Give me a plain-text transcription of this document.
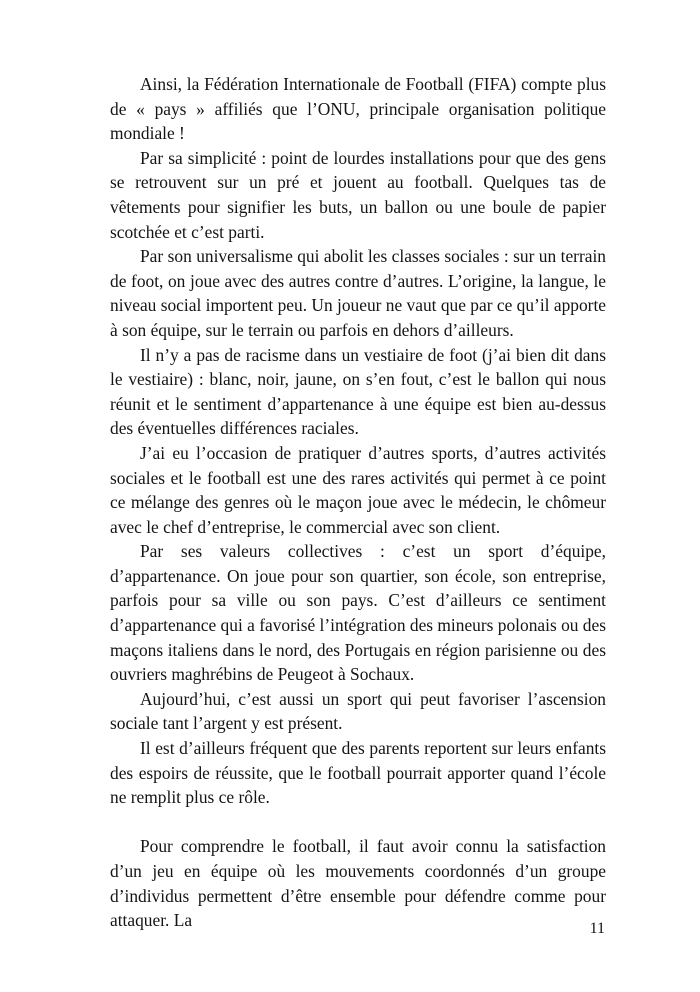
Ainsi, la Fédération Internationale de Football (FIFA) compte plus de « pays » affiliés que l’ONU, principale organisation politique mondiale !

Par sa simplicité : point de lourdes installations pour que des gens se retrouvent sur un pré et jouent au football. Quelques tas de vêtements pour signifier les buts, un ballon ou une boule de papier scotchée et c’est parti.

Par son universalisme qui abolit les classes sociales : sur un terrain de foot, on joue avec des autres contre d’autres. L’origine, la langue, le niveau social importent peu. Un joueur ne vaut que par ce qu’il apporte à son équipe, sur le terrain ou parfois en dehors d’ailleurs.

Il n’y a pas de racisme dans un vestiaire de foot (j’ai bien dit dans le vestiaire) : blanc, noir, jaune, on s’en fout, c’est le ballon qui nous réunit et le sentiment d’appartenance à une équipe est bien au-dessus des éventuelles différences raciales.

J’ai eu l’occasion de pratiquer d’autres sports, d’autres activités sociales et le football est une des rares activités qui permet à ce point ce mélange des genres où le maçon joue avec le médecin, le chômeur avec le chef d’entreprise, le commercial avec son client.

Par ses valeurs collectives : c’est un sport d’équipe, d’appartenance. On joue pour son quartier, son école, son entreprise, parfois pour sa ville ou son pays. C’est d’ailleurs ce sentiment d’appartenance qui a favorisé l’intégration des mineurs polonais ou des maçons italiens dans le nord, des Portugais en région parisienne ou des ouvriers maghrébins de Peugeot à Sochaux.

Aujourd’hui, c’est aussi un sport qui peut favoriser l’ascension sociale tant l’argent y est présent.

Il est d’ailleurs fréquent que des parents reportent sur leurs enfants des espoirs de réussite, que le football pourrait apporter quand l’école ne remplit plus ce rôle.

Pour comprendre le football, il faut avoir connu la satisfaction d’un jeu en équipe où les mouvements coordonnés d’un groupe d’individus permettent d’être ensemble pour défendre comme pour attaquer. La	11
